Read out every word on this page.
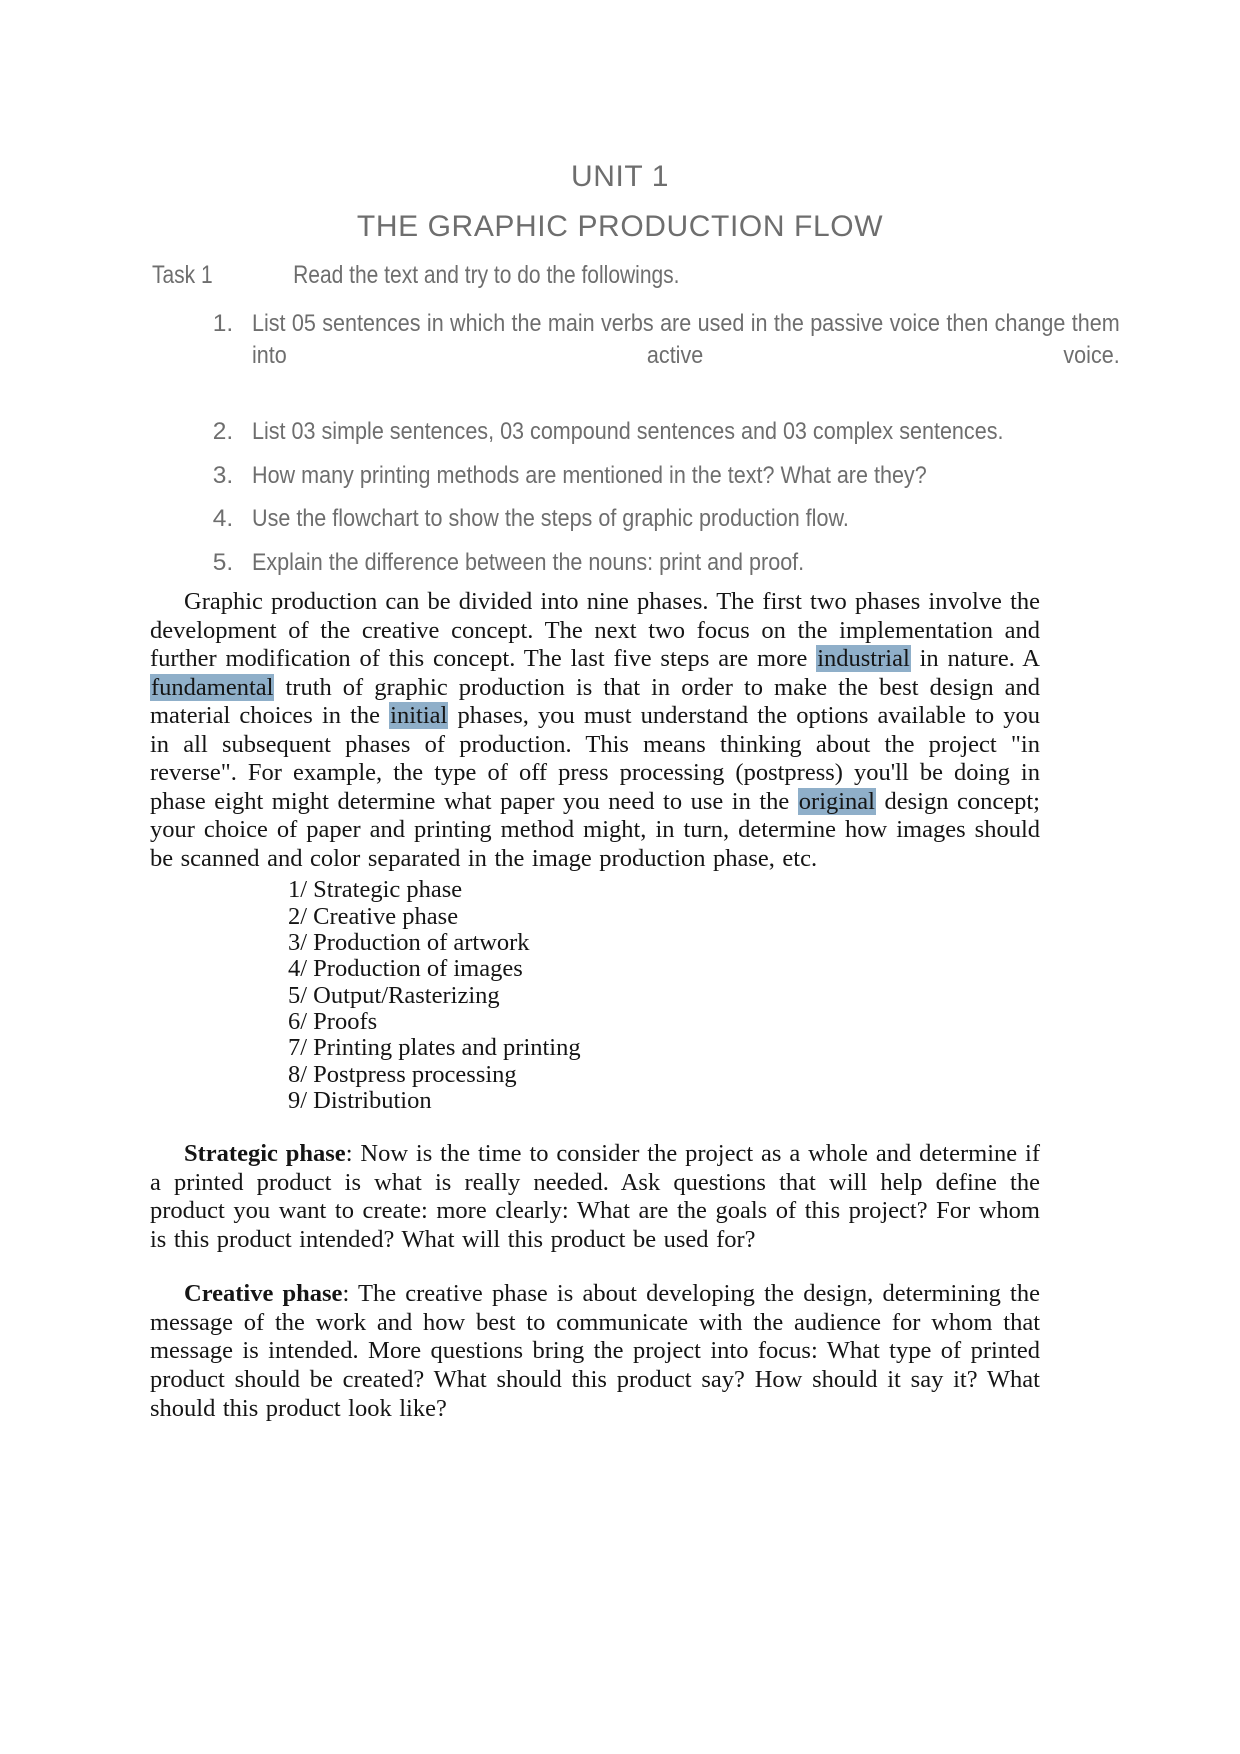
UNIT 1
THE GRAPHIC PRODUCTION FLOW
Task 1	Read the text and try to do the followings.
1. List 05 sentences in which the main verbs are used in the passive voice then change them into active voice.
2. List 03 simple sentences, 03 compound sentences and 03 complex sentences.
3. How many printing methods are mentioned in the text? What are they?
4. Use the flowchart to show the steps of graphic production flow.
5. Explain the difference between the nouns: print and proof.

Graphic production can be divided into nine phases. The first two phases involve the development of the creative concept. The next two focus on the implementation and further modification of this concept. The last five steps are more industrial in nature. A fundamental truth of graphic production is that in order to make the best design and material choices in the initial phases, you must understand the options available to you in all subsequent phases of production. This means thinking about the project "in reverse". For example, the type of off press processing (postpress) you'll be doing in phase eight might determine what paper you need to use in the original design concept; your choice of paper and printing method might, in turn, determine how images should be scanned and color separated in the image production phase, etc.

1/ Strategic phase
2/ Creative phase
3/ Production of artwork
4/ Production of images
5/ Output/Rasterizing
6/ Proofs
7/ Printing plates and printing
8/ Postpress processing
9/ Distribution

Strategic phase: Now is the time to consider the project as a whole and determine if a printed product is what is really needed. Ask questions that will help define the product you want to create: more clearly: What are the goals of this project? For whom is this product intended? What will this product be used for?

Creative phase: The creative phase is about developing the design, determining the message of the work and how best to communicate with the audience for whom that message is intended. More questions bring the project into focus: What type of printed product should be created? What should this product say? How should it say it? What should this product look like?
